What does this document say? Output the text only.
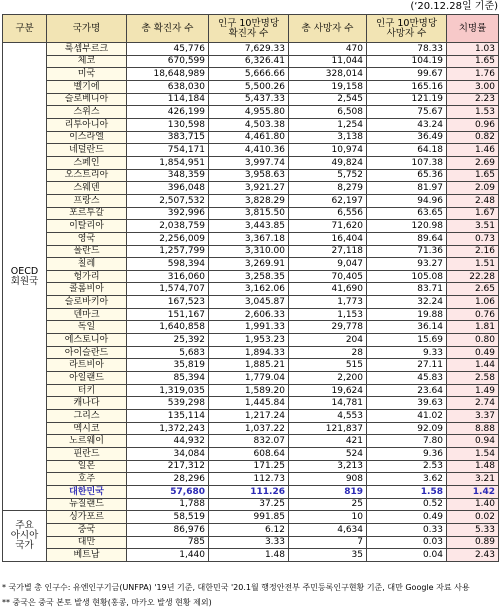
(‘20.12.28일 기준)
구분	국가명	총 확진자 수	인구 10만명당
확진자 수	총 사망자 수	인구 10만명당
사망자 수	치명률
OECD
회원국	룩셈부르크	45,776	7,629.33	470	78.33	1.03
	체코	670,599	6,326.41	11,044	104.19	1.65
	미국	18,648,989	5,666.66	328,014	99.67	1.76
	벨기에	638,030	5,500.26	19,158	165.16	3.00
	슬로베니아	114,184	5,437.33	2,545	121.19	2.23
	스위스	426,199	4,955.80	6,508	75.67	1.53
	리투아니아	130,598	4,503.38	1,254	43.24	0.96
	이스라엘	383,715	4,461.80	3,138	36.49	0.82
	네덜란드	754,171	4,410.36	10,974	64.18	1.46
	스페인	1,854,951	3,997.74	49,824	107.38	2.69
	오스트리아	348,359	3,958.63	5,752	65.36	1.65
	스웨덴	396,048	3,921.27	8,279	81.97	2.09
	프랑스	2,507,532	3,828.29	62,197	94.96	2.48
	포르투갈	392,996	3,815.50	6,556	63.65	1.67
	이탈리아	2,038,759	3,443.85	71,620	120.98	3.51
	영국	2,256,009	3,367.18	16,404	89.64	0.73
	폴란드	1,257,799	3,310.00	27,118	71.36	2.16
	칠레	598,394	3,269.91	9,047	93.27	1.51
	헝가리	316,060	3,258.35	70,405	105.08	22.28
	콜롬비아	1,574,707	3,162.06	41,690	83.71	2.65
	슬로바키아	167,523	3,045.87	1,773	32.24	1.06
	덴마크	151,167	2,606.33	1,153	19.88	0.76
	독일	1,640,858	1,991.33	29,778	36.14	1.81
	에스토니아	25,392	1,953.23	204	15.69	0.80
	아이슬란드	5,683	1,894.33	28	9.33	0.49
	라트비아	35,819	1,885.21	515	27.11	1.44
	아일랜드	85,394	1,779.04	2,200	45.83	2.58
	터키	1,319,035	1,589.20	19,624	23.64	1.49
	캐나다	539,298	1,445.84	14,781	39.63	2.74
	그리스	135,114	1,217.24	4,553	41.02	3.37
	멕시코	1,372,243	1,037.22	121,837	92.09	8.88
	노르웨이	44,932	832.07	421	7.80	0.94
	핀란드	34,084	608.64	524	9.36	1.54
	일본	217,312	171.25	3,213	2.53	1.48
	호주	28,296	112.73	908	3.62	3.21
	대한민국	57,680	111.26	819	1.58	1.42
	뉴질랜드	1,788	37.25	25	0.52	1.40
주요
아시아
국가	싱가포르	58,519	991.85	10	0.49	0.02
	중국	86,976	6.12	4,634	0.33	5.33
	대만	785	3.33	7	0.03	0.89
	베트남	1,440	1.48	35	0.04	2.43
* 국가별 총 인구수: 유엔인구기금(UNFPA) '19년 기준, 대한민국 '20.1월 행정안전부 주민등록인구현황 기준, 대만 Google 자료 사용
** 중국은 중국 본토 발생 현황(홍콩, 마카오 발생 현황 제외)
